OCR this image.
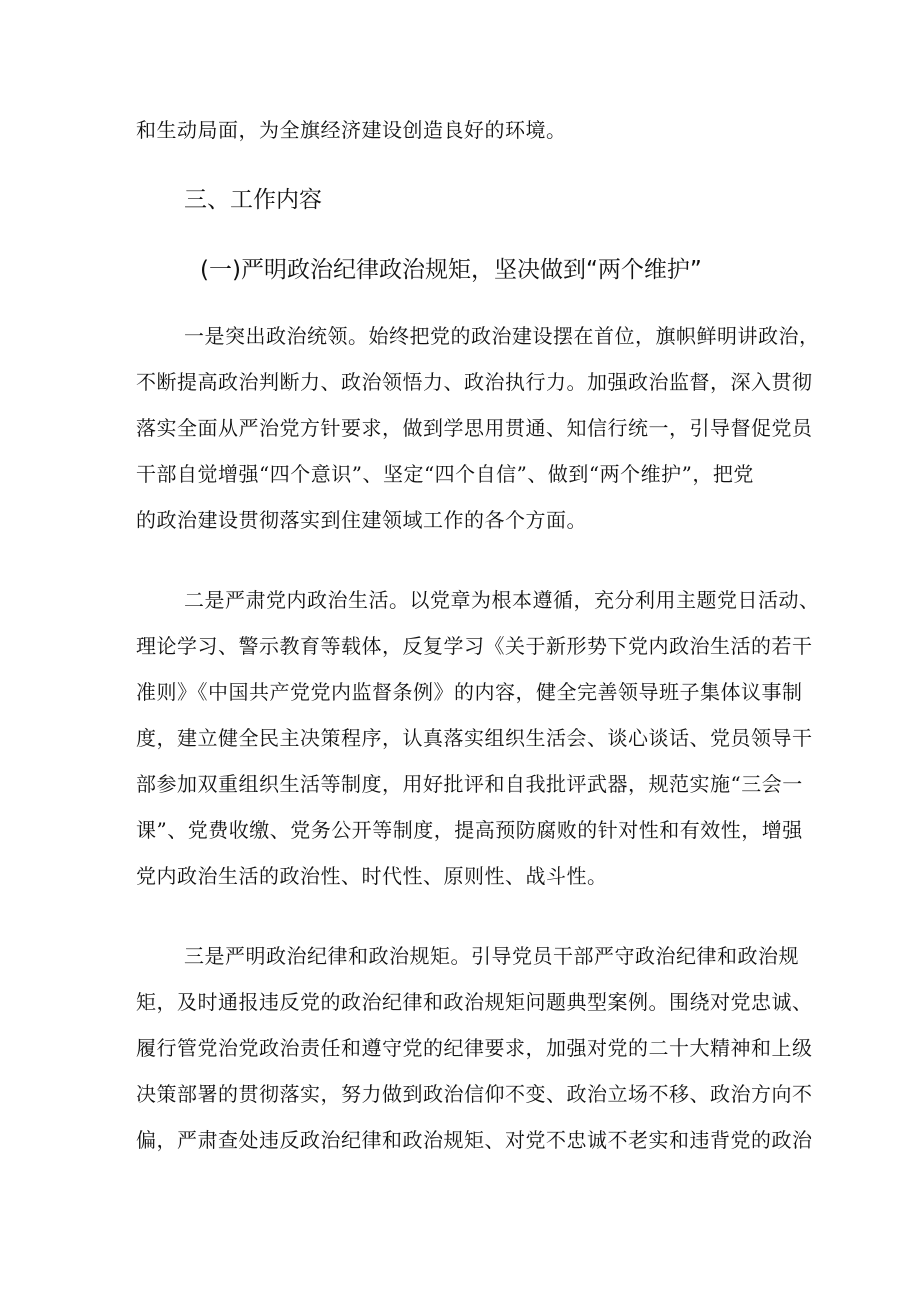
和生动局面，为全旗经济建设创造良好的环境。
三、工作内容
(一)严明政治纪律政治规矩，坚决做到“两个维护”
一是突出政治统领。始终把党的政治建设摆在首位，旗帜鲜明讲政治，
不断提高政治判断力、政治领悟力、政治执行力。加强政治监督，深入贯彻
落实全面从严治党方针要求，做到学思用贯通、知信行统一，引导督促党员
干部自觉增强“四个意识”、坚定“四个自信”、做到“两个维护”，把党
的政治建设贯彻落实到住建领域工作的各个方面。
二是严肃党内政治生活。以党章为根本遵循，充分利用主题党日活动、
理论学习、警示教育等载体，反复学习《关于新形势下党内政治生活的若干
准则》《中国共产党党内监督条例》的内容，健全完善领导班子集体议事制
度，建立健全民主决策程序，认真落实组织生活会、谈心谈话、党员领导干
部参加双重组织生活等制度，用好批评和自我批评武器，规范实施“三会一
课”、党费收缴、党务公开等制度，提高预防腐败的针对性和有效性，增强
党内政治生活的政治性、时代性、原则性、战斗性。
三是严明政治纪律和政治规矩。引导党员干部严守政治纪律和政治规
矩，及时通报违反党的政治纪律和政治规矩问题典型案例。围绕对党忠诚、
履行管党治党政治责任和遵守党的纪律要求，加强对党的二十大精神和上级
决策部署的贯彻落实，努力做到政治信仰不变、政治立场不移、政治方向不
偏，严肃查处违反政治纪律和政治规矩、对党不忠诚不老实和违背党的政治
